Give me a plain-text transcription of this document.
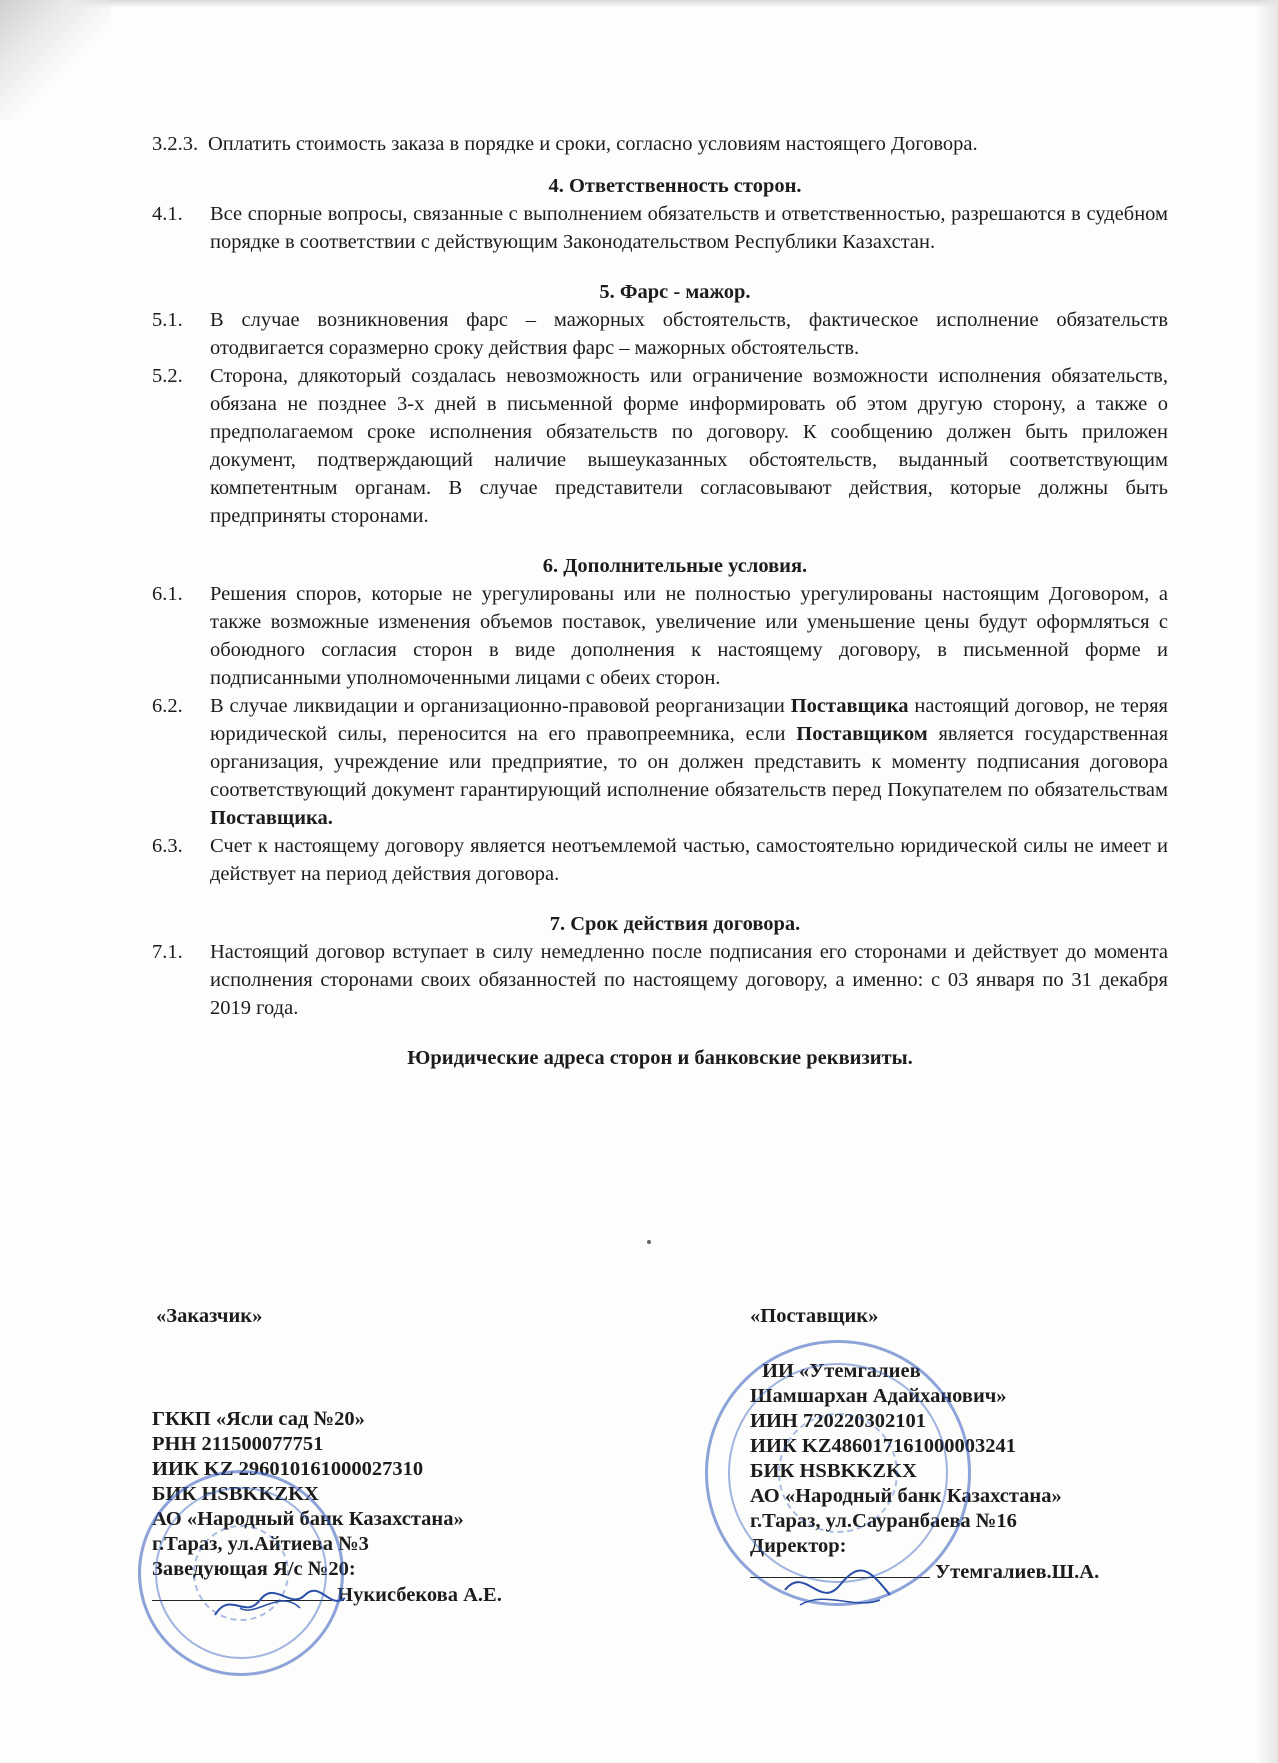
3.2.3. Оплатить стоимость заказа в порядке и сроки, согласно условиям настоящего Договора.
4. Ответственность сторон.
4.1.	Все спорные вопросы, связанные с выполнением обязательств и ответственностью, разрешаются в судебном порядке в соответствии с действующим Законодательством Республики Казахстан.
5. Фарс - мажор.
5.1.	В случае возникновения фарс – мажорных обстоятельств, фактическое исполнение обязательств отодвигается соразмерно сроку действия фарс – мажорных обстоятельств.
5.2.	Сторона, длякоторый создалась невозможность или ограничение возможности исполнения обязательств, обязана не позднее 3-х дней в письменной форме информировать об этом другую сторону, а также о предполагаемом сроке исполнения обязательств по договору. К сообщению должен быть приложен документ, подтверждающий наличие вышеуказанных обстоятельств, выданный соответствующим компетентным органам. В случае представители согласовывают действия, которые должны быть предприняты сторонами.
6. Дополнительные условия.
6.1.	Решения споров, которые не урегулированы или не полностью урегулированы настоящим Договором, а также возможные изменения объемов поставок, увеличение или уменьшение цены будут оформляться с обоюдного согласия сторон в виде дополнения к настоящему договору, в письменной форме и подписанными уполномоченными лицами с обеих сторон.
6.2.	В случае ликвидации и организационно-правовой реорганизации Поставщика настоящий договор, не теряя юридической силы, переносится на его правопреемника, если Поставщиком является государственная организация, учреждение или предприятие, то он должен представить к моменту подписания договора соответствующий документ гарантирующий исполнение обязательств перед Покупателем по обязательствам Поставщика.
6.3.	Счет к настоящему договору является неотъемлемой частью, самостоятельно юридической силы не имеет и действует на период действия договора.
7. Срок действия договора.
7.1.	Настоящий договор вступает в силу немедленно после подписания его сторонами и действует до момента исполнения сторонами своих обязанностей по настоящему договору, а именно: с 03 января по 31 декабря 2019 года.
Юридические адреса сторон и банковские реквизиты.
«Заказчик»
ГККП «Ясли сад №20»
РНН 211500077751
ИИК KZ 296010161000027310
БИК HSBKKZKX
АО «Народный банк Казахстана»
г.Тараз, ул.Айтиева №3
Заведующая Я/с №20:
Нукисбекова А.Е.
«Поставщик»
ИИ «Утемгалиев
Шамшархан Адайханович»
ИИН 720220302101
ИИК KZ486017161000003241
БИК HSBKKZKX
АО «Народный банк Казахстана»
г.Тараз, ул.Сауранбаева №16
Директор:
Утемгалиев.Ш.А.
